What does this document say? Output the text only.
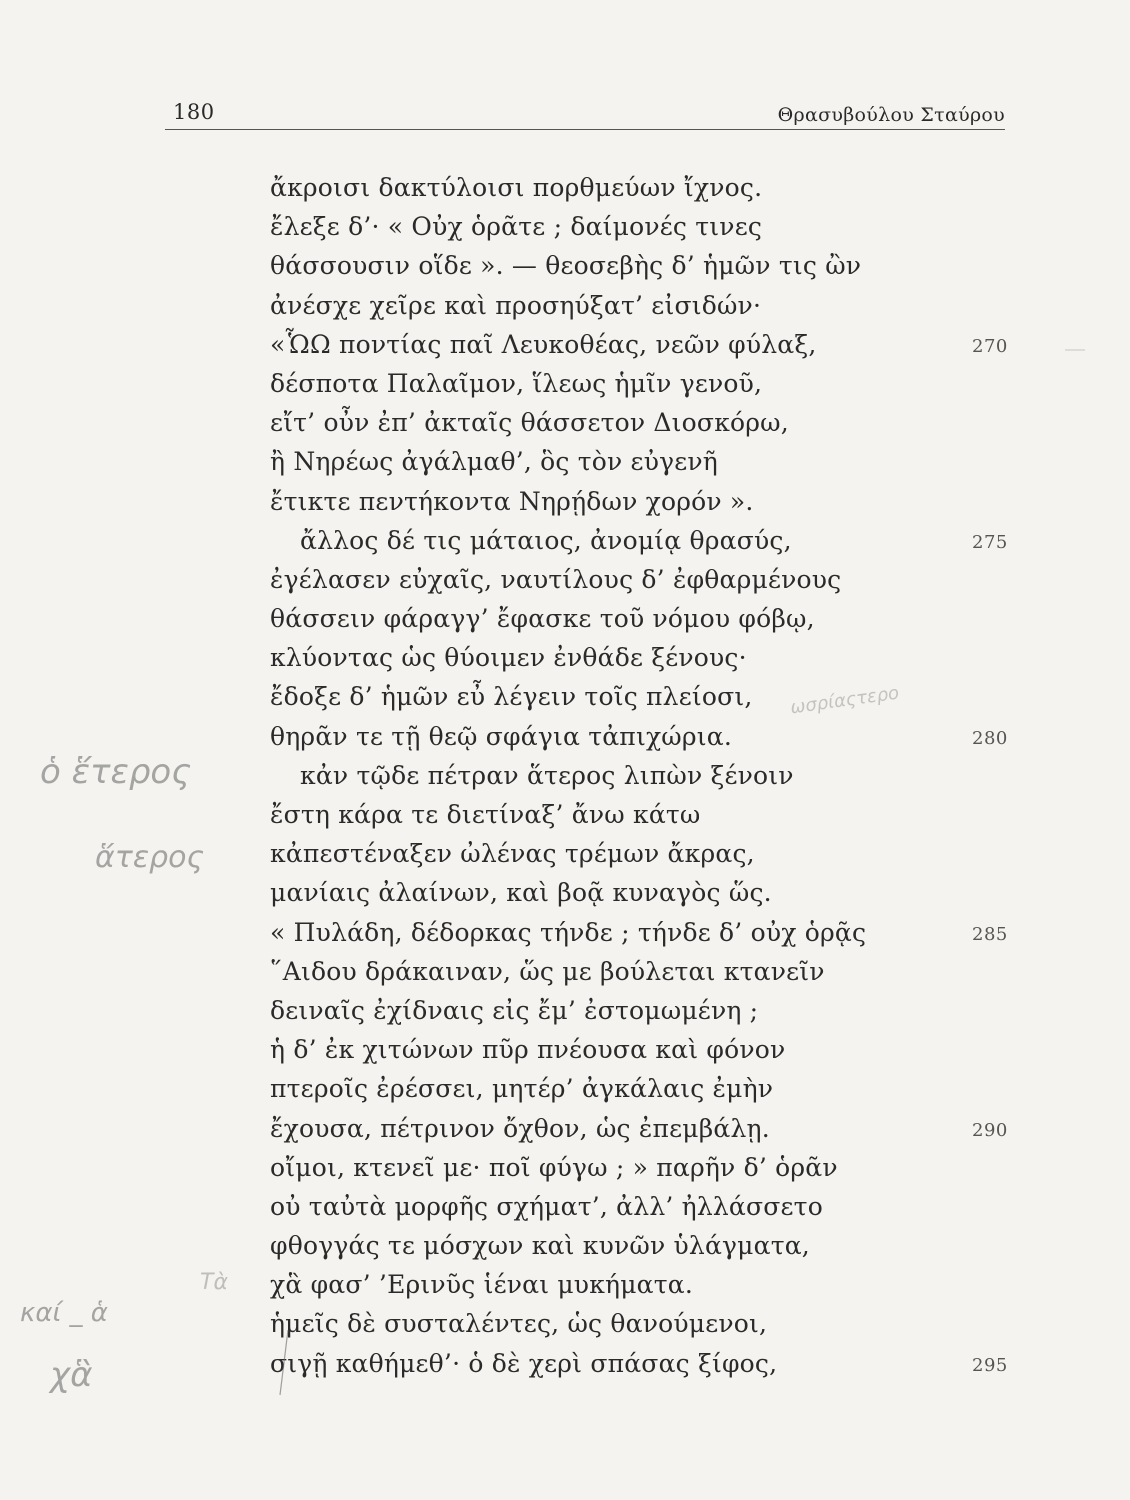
180	Θρασυβούλου Σταύρου
ἄκροισι δακτύλοισι πορθμεύων ἴχνος.
ἔλεξε δ’· « Οὐχ ὁρᾶτε ; δαίμονές τινες
θάσσουσιν οἵδε ». — θεοσεβὴς δ’ ἡμῶν τις ὢν
ἀνέσχε χεῖρε καὶ προσηύξατ’ εἰσιδών·
«ὯΩ ποντίας παῖ Λευκοθέας, νεῶν φύλαξ,	270
δέσποτα Παλαῖμον, ἵλεως ἡμῖν γενοῦ,
εἴτ’ οὖν ἐπ’ ἀκταῖς θάσσετον Διοσκόρω,
ἢ Νηρέως ἀγάλμαθ’, ὃς τὸν εὐγενῆ
ἔτικτε πεντήκοντα Νηρῄδων χορόν ».
ἄλλος δέ τις μάταιος, ἀνομίᾳ θρασύς,	275
ἐγέλασεν εὐχαῖς, ναυτίλους δ’ ἐφθαρμένους
θάσσειν φάραγγ’ ἔφασκε τοῦ νόμου φόβῳ,
κλύοντας ὡς θύοιμεν ἐνθάδε ξένους·
ἔδοξε δ’ ἡμῶν εὖ λέγειν τοῖς πλείοσι,
θηρᾶν τε τῇ θεῷ σφάγια τἀπιχώρια.	280
κἀν τῷδε πέτραν ἅτερος λιπὼν ξένοιν
ἔστη κάρα τε διετίναξ’ ἄνω κάτω
κἀπεστέναξεν ὠλένας τρέμων ἄκρας,
μανίαις ἀλαίνων, καὶ βοᾷ κυναγὸς ὥς.
« Πυλάδη, δέδορκας τήνδε ; τήνδε δ’ οὐχ ὁρᾷς	285
῞Αιδου δράκαιναν, ὥς με βούλεται κτανεῖν
δειναῖς ἐχίδναις εἰς ἔμ’ ἐστομωμένη ;
ἡ δ’ ἐκ χιτώνων πῦρ πνέουσα καὶ φόνον
πτεροῖς ἐρέσσει, μητέρ’ ἀγκάλαις ἐμὴν
ἔχουσα, πέτρινον ὄχθον, ὡς ἐπεμβάλῃ.	290
οἴμοι, κτενεῖ με· ποῖ φύγω ; » παρῆν δ’ ὁρᾶν
οὐ ταὐτὰ μορφῆς σχήματ’, ἀλλ’ ἠλλάσσετο
φθογγάς τε μόσχων καὶ κυνῶν ὑλάγματα,
χἃ φασ’ ’Ερινῦς ἱέναι μυκήματα.
ἡμεῖς δὲ συσταλέντες, ὡς θανούμενοι,
σιγῇ καθήμεθ’· ὁ δὲ χερὶ σπάσας ξίφος,	295
ὁ ἕτερος
ἅτερος
καί _ ἁ
χἃ
Τὰ
ωσρίαςτερο
